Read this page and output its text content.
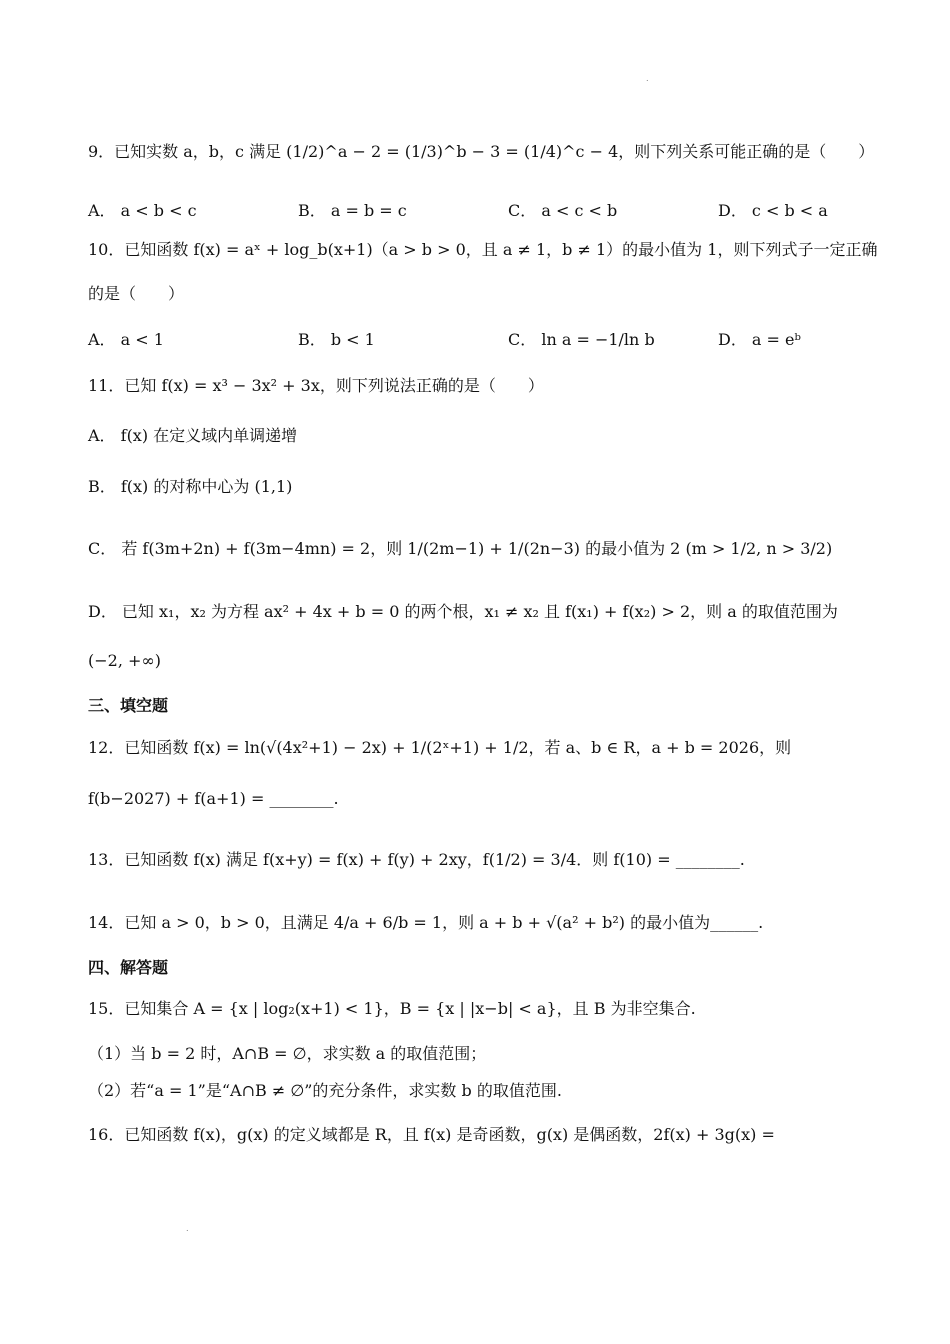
.
9．已知实数 a，b，c 满足 (1/2)^a − 2 = (1/3)^b − 3 = (1/4)^c − 4，则下列关系可能正确的是（　　）
A． a < b < c	B． a = b = c	C． a < c < b	D． c < b < a
10．已知函数 f(x) = aˣ + log_b(x+1)（a > b > 0，且 a ≠ 1，b ≠ 1）的最小值为 1，则下列式子一定正确
的是（　　）
A． a < 1	B． b < 1	C． ln a = −1/ln b	D． a = eᵇ
11．已知 f(x) = x³ − 3x² + 3x，则下列说法正确的是（　　）
A． f(x) 在定义域内单调递增
B． f(x) 的对称中心为 (1,1)
C． 若 f(3m+2n) + f(3m−4mn) = 2，则 1/(2m−1) + 1/(2n−3) 的最小值为 2 (m > 1/2, n > 3/2)
D． 已知 x₁，x₂ 为方程 ax² + 4x + b = 0 的两个根，x₁ ≠ x₂ 且 f(x₁) + f(x₂) > 2，则 a 的取值范围为
(−2, +∞)
三、填空题
12．已知函数 f(x) = ln(√(4x²+1) − 2x) + 1/(2ˣ+1) + 1/2，若 a、b ∈ R，a + b = 2026，则
f(b−2027) + f(a+1) = ________.
13．已知函数 f(x) 满足 f(x+y) = f(x) + f(y) + 2xy，f(1/2) = 3/4．则 f(10) = ________.
14．已知 a > 0，b > 0，且满足 4/a + 6/b = 1，则 a + b + √(a² + b²) 的最小值为______.
四、解答题
15．已知集合 A = {x | log₂(x+1) < 1}，B = {x | |x−b| < a}，且 B 为非空集合.
（1）当 b = 2 时，A∩B = ∅，求实数 a 的取值范围；
（2）若“a = 1”是“A∩B ≠ ∅”的充分条件，求实数 b 的取值范围.
16．已知函数 f(x)，g(x) 的定义域都是 R，且 f(x) 是奇函数，g(x) 是偶函数，2f(x) + 3g(x) =
.
